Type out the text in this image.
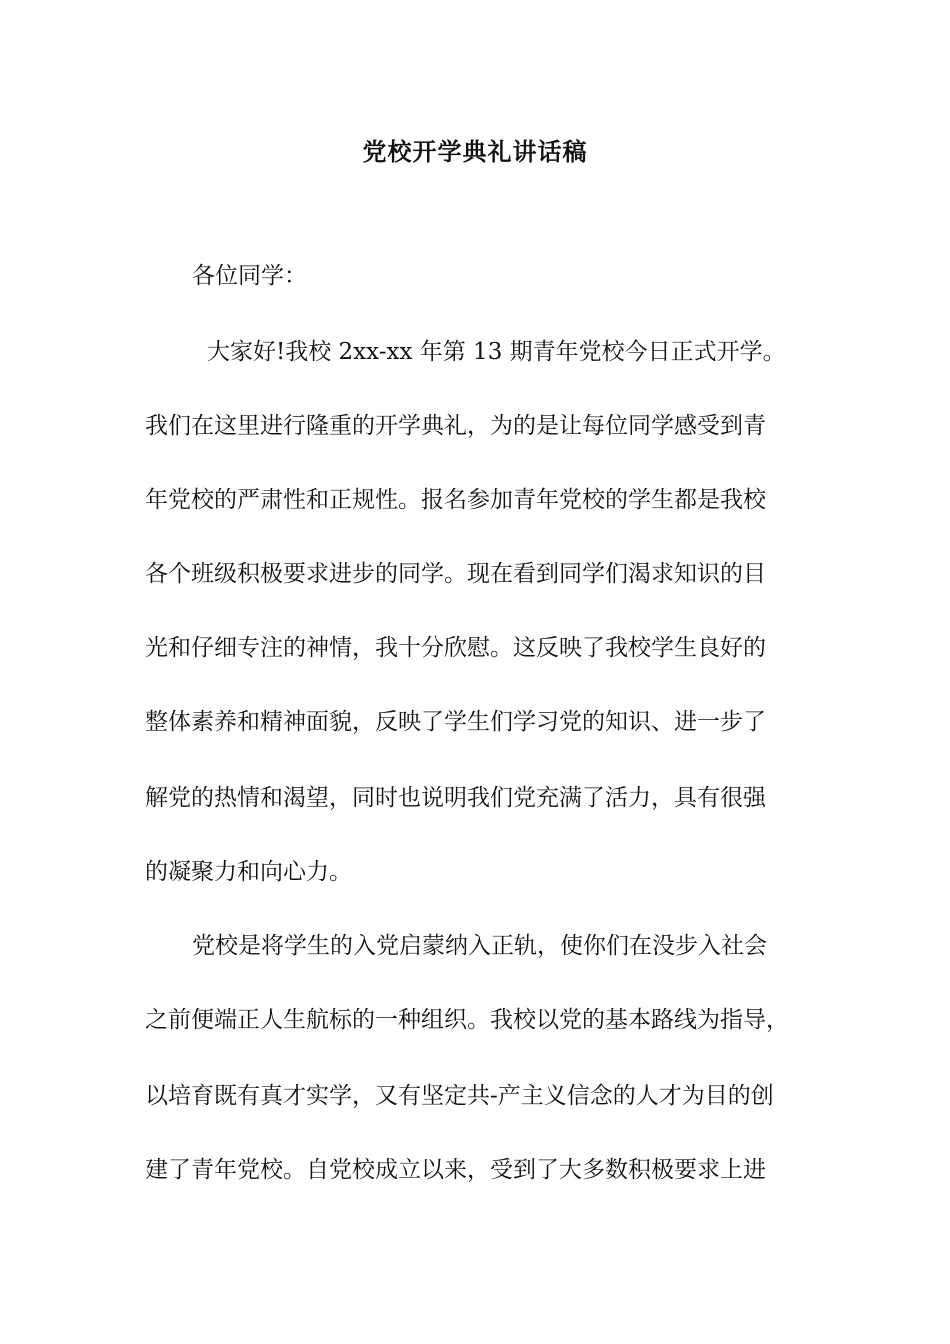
党校开学典礼讲话稿
各位同学：
大家好!我校 2xx-xx 年第 13 期青年党校今日正式开学。
我们在这里进行隆重的开学典礼，为的是让每位同学感受到青
年党校的严肃性和正规性。报名参加青年党校的学生都是我校
各个班级积极要求进步的同学。现在看到同学们渴求知识的目
光和仔细专注的神情，我十分欣慰。这反映了我校学生良好的
整体素养和精神面貌，反映了学生们学习党的知识、进一步了
解党的热情和渴望，同时也说明我们党充满了活力，具有很强
的凝聚力和向心力。
党校是将学生的入党启蒙纳入正轨，使你们在没步入社会
之前便端正人生航标的一种组织。我校以党的基本路线为指导，
以培育既有真才实学，又有坚定共-产主义信念的人才为目的创
建了青年党校。自党校成立以来，受到了大多数积极要求上进
